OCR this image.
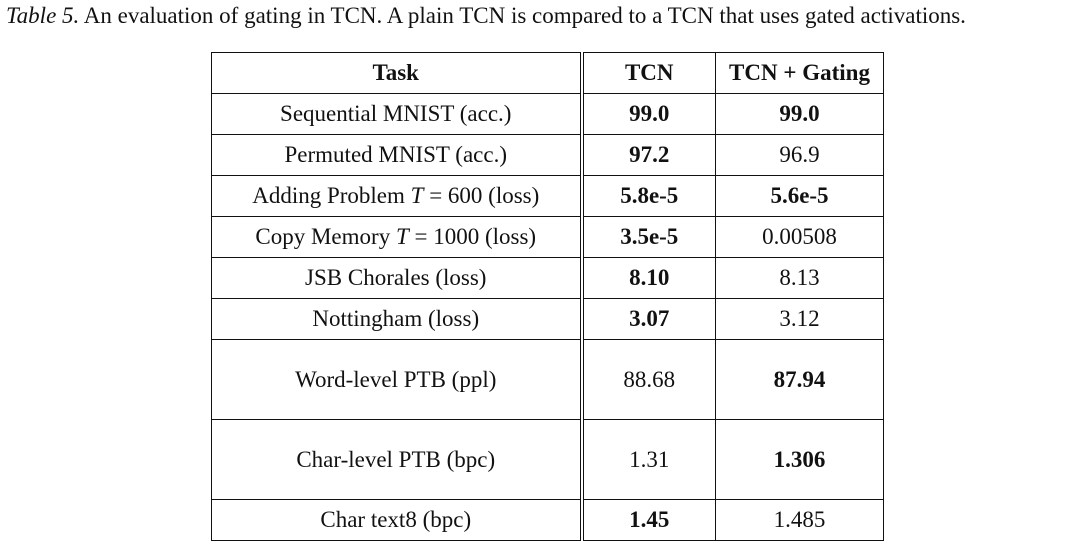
Table 5. An evaluation of gating in TCN. A plain TCN is compared to a TCN that uses gated activations.
Task	TCN	TCN + Gating
Sequential MNIST (acc.)	99.0	99.0
Permuted MNIST (acc.)	97.2	96.9
Adding Problem T = 600 (loss)	5.8e-5	5.6e-5
Copy Memory T = 1000 (loss)	3.5e-5	0.00508
JSB Chorales (loss)	8.10	8.13
Nottingham (loss)	3.07	3.12
Word-level PTB (ppl)	88.68	87.94
Char-level PTB (bpc)	1.31	1.306
Char text8 (bpc)	1.45	1.485
